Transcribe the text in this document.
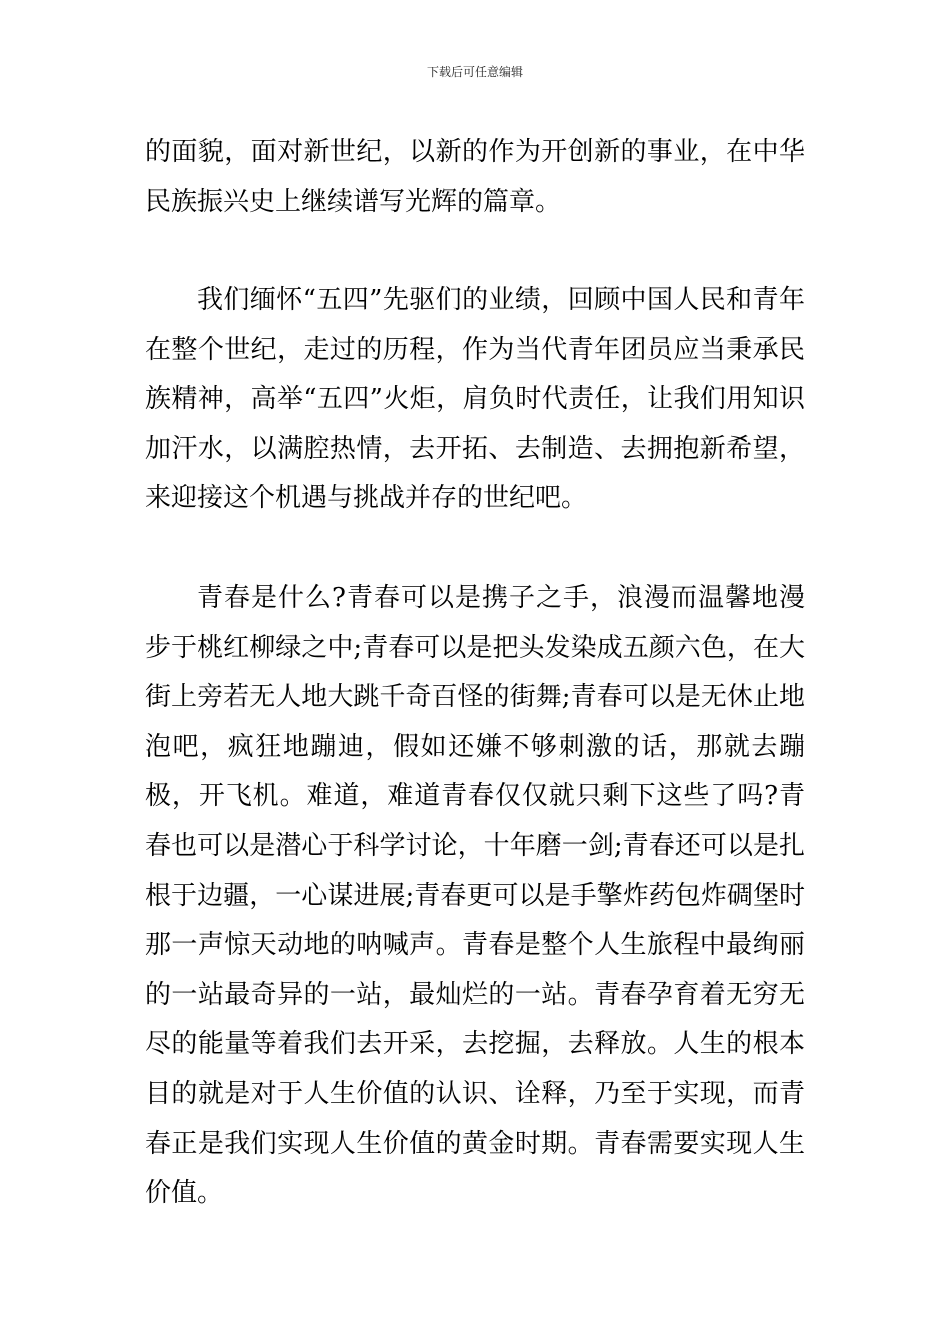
下载后可任意编辑

的面貌，面对新世纪，以新的作为开创新的事业，在中华民族振兴史上继续谱写光辉的篇章。

我们缅怀“五四”先驱们的业绩，回顾中国人民和青年在整个世纪，走过的历程，作为当代青年团员应当秉承民族精神，高举“五四”火炬，肩负时代责任，让我们用知识加汗水，以满腔热情，去开拓、去制造、去拥抱新希望，来迎接这个机遇与挑战并存的世纪吧。

青春是什么?青春可以是携子之手，浪漫而温馨地漫步于桃红柳绿之中;青春可以是把头发染成五颜六色，在大街上旁若无人地大跳千奇百怪的街舞;青春可以是无休止地泡吧，疯狂地蹦迪，假如还嫌不够刺激的话，那就去蹦极，开飞机。难道，难道青春仅仅就只剩下这些了吗?青春也可以是潜心于科学讨论，十年磨一剑;青春还可以是扎根于边疆，一心谋进展;青春更可以是手擎炸药包炸碉堡时那一声惊天动地的呐喊声。青春是整个人生旅程中最绚丽的一站最奇异的一站，最灿烂的一站。青春孕育着无穷无尽的能量等着我们去开采，去挖掘，去释放。人生的根本目的就是对于人生价值的认识、诠释，乃至于实现，而青春正是我们实现人生价值的黄金时期。青春需要实现人生价值。
